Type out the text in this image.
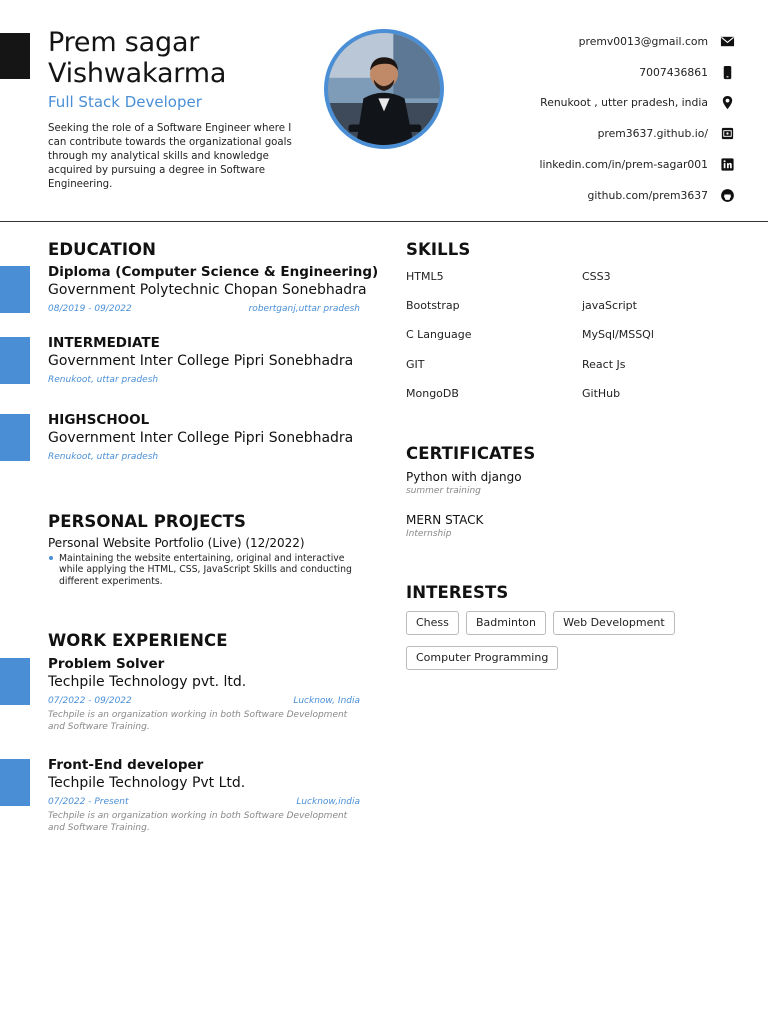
Prem sagar
Vishwakarma
Full Stack Developer
Seeking the role of a Software Engineer where I can contribute towards the organizational goals through my analytical skills and knowledge acquired by pursuing a degree in Software Engineering.
premv0013@gmail.com
7007436861
Renukoot , utter pradesh, india
prem3637.github.io/
linkedin.com/in/prem-sagar001
github.com/prem3637
EDUCATION
Diploma (Computer Science & Engineering)
Government Polytechnic Chopan Sonebhadra
08/2019 - 09/2022	robertganj,uttar pradesh
INTERMEDIATE
Government Inter College Pipri Sonebhadra
Renukoot, uttar pradesh
HIGHSCHOOL
Government Inter College Pipri Sonebhadra
Renukoot, uttar pradesh
PERSONAL PROJECTS
Personal Website Portfolio (Live) (12/2022)
Maintaining the website entertaining, original and interactive while applying the HTML, CSS, JavaScript Skills and conducting different experiments.
WORK EXPERIENCE
Problem Solver
Techpile Technology pvt. ltd.
07/2022 - 09/2022	Lucknow, India
Techpile is an organization working in both Software Development and Software Training.
Front-End developer
Techpile Technology Pvt Ltd.
07/2022 - Present	Lucknow,india
Techpile is an organization working in both Software Development and Software Training.
SKILLS
HTML5	CSS3
Bootstrap	javaScript
C Language	MySql/MSSQl
GIT	React Js
MongoDB	GitHub
CERTIFICATES
Python with django
summer training
MERN STACK
Internship
INTERESTS
Chess Badminton Web Development Computer Programming
